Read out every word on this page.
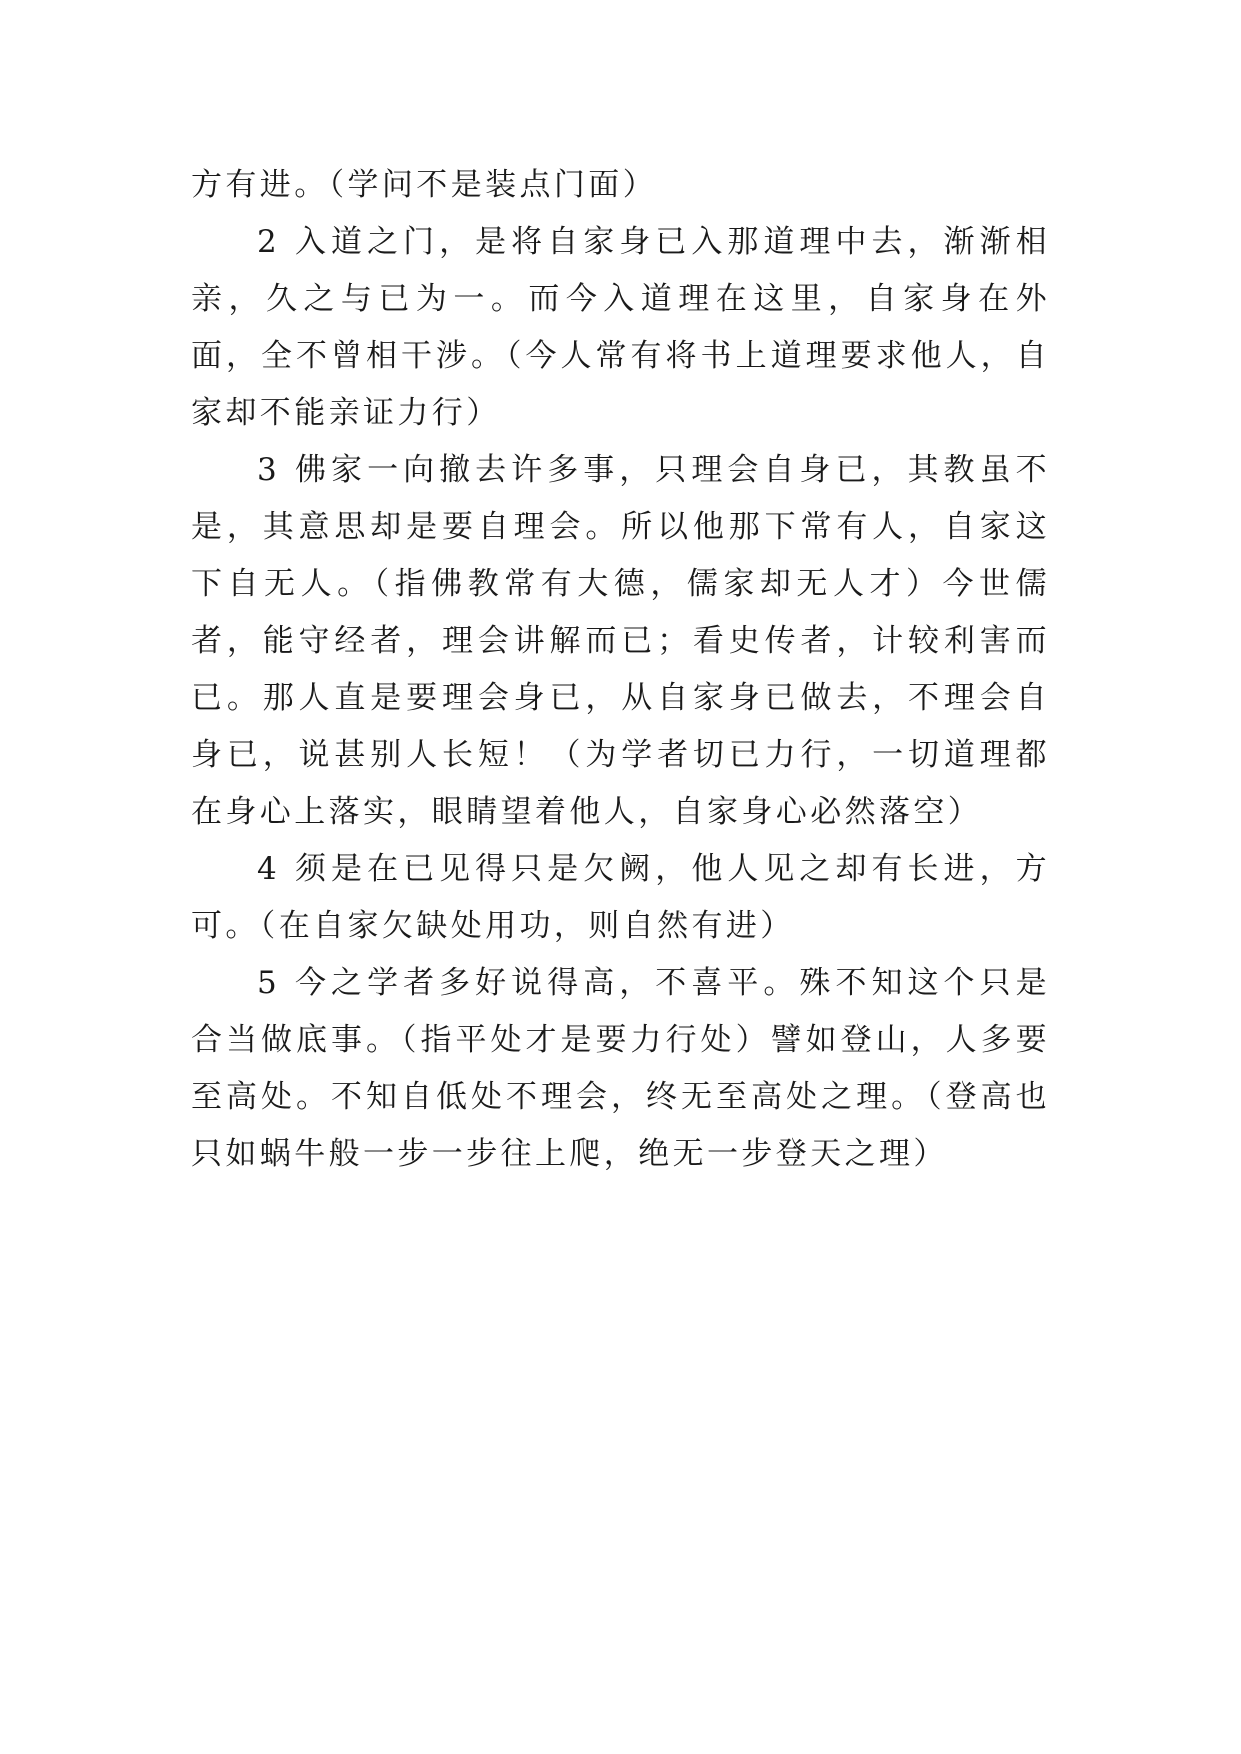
方有进。（学问不是装点门面）

2 入道之门，是将自家身已入那道理中去，渐渐相亲，久之与已为一。而今入道理在这里，自家身在外面，全不曾相干涉。（今人常有将书上道理要求他人，自家却不能亲证力行）

3 佛家一向撤去许多事，只理会自身已，其教虽不是，其意思却是要自理会。所以他那下常有人，自家这下自无人。（指佛教常有大德，儒家却无人才）今世儒者，能守经者，理会讲解而已；看史传者，计较利害而已。那人直是要理会身已，从自家身已做去，不理会自身已，说甚别人长短！（为学者切已力行，一切道理都在身心上落实，眼睛望着他人，自家身心必然落空）

4 须是在已见得只是欠阙，他人见之却有长进，方可。（在自家欠缺处用功，则自然有进）

5 今之学者多好说得高，不喜平。殊不知这个只是合当做底事。（指平处才是要力行处）譬如登山，人多要至高处。不知自低处不理会，终无至高处之理。（登高也只如蜗牛般一步一步往上爬，绝无一步登天之理）
